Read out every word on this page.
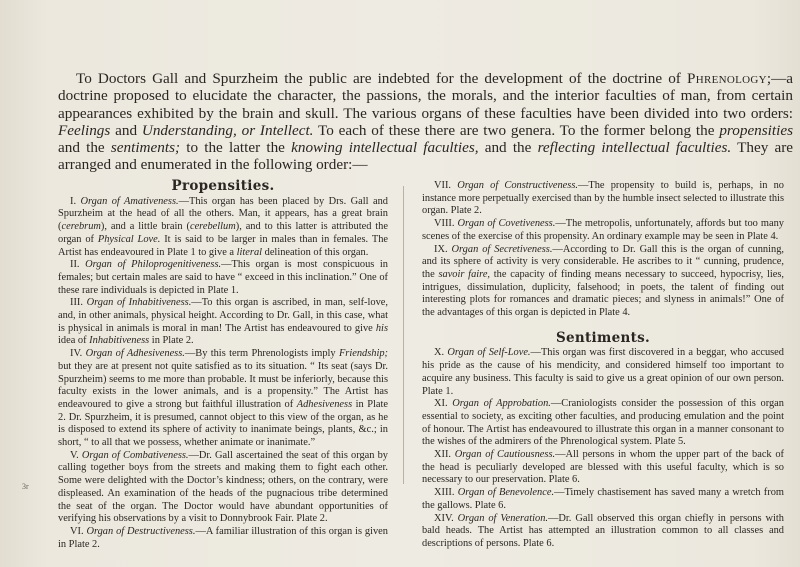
To Doctors Gall and Spurzheim the public are indebted for the development of the doctrine of Phrenology;—a doctrine proposed to elucidate the character, the passions, the morals, and the interior faculties of man, from certain appearances exhibited by the brain and skull. The various organs of these faculties have been divided into two orders: Feelings and Understanding, or Intellect. To each of these there are two genera. To the former belong the propensities and the sentiments; to the latter the knowing intellectual faculties, and the reflecting intellectual faculties. They are arranged and enumerated in the following order:—

Propensities.

I. Organ of Amativeness.—This organ has been placed by Drs. Gall and Spurzheim at the head of all the others. Man, it appears, has a great brain (cerebrum), and a little brain (cerebellum), and to this latter is attributed the organ of Physical Love. It is said to be larger in males than in females. The Artist has endeavoured in Plate 1 to give a literal delineation of this organ.

II. Organ of Philoprogenitiveness.—This organ is most conspicuous in females; but certain males are said to have “ exceed in this inclination.” One of these rare individuals is depicted in Plate 1.

III. Organ of Inhabitiveness.—To this organ is ascribed, in man, self-love, and, in other animals, physical height. According to Dr. Gall, in this case, what is physical in animals is moral in man! The Artist has endeavoured to give his idea of Inhabitiveness in Plate 2.

IV. Organ of Adhesiveness.—By this term Phrenologists imply Friendship; but they are at present not quite satisfied as to its situation. “ Its seat (says Dr. Spurzheim) seems to me more than probable. It must be inferiorly, because this faculty exists in the lower animals, and is a propensity.” The Artist has endeavoured to give a strong but faithful illustration of Adhesiveness in Plate 2. Dr. Spurzheim, it is presumed, cannot object to this view of the organ, as he is disposed to extend its sphere of activity to inanimate beings, plants, &c.; in short, “ to all that we possess, whether animate or inanimate.”

V. Organ of Combativeness.—Dr. Gall ascertained the seat of this organ by calling together boys from the streets and making them to fight each other. Some were delighted with the Doctor’s kindness; others, on the contrary, were displeased. An examination of the heads of the pugnacious tribe determined the seat of the organ. The Doctor would have abundant opportunities of verifying his observations by a visit to Donnybrook Fair. Plate 2.

VI. Organ of Destructiveness.—A familiar illustration of this organ is given in Plate 2.

VII. Organ of Constructiveness.—The propensity to build is, perhaps, in no instance more perpetually exercised than by the humble insect selected to illustrate this organ. Plate 2.

VIII. Organ of Covetiveness.—The metropolis, unfortunately, affords but too many scenes of the exercise of this propensity. An ordinary example may be seen in Plate 4.

IX. Organ of Secretiveness.—According to Dr. Gall this is the organ of cunning, and its sphere of activity is very considerable. He ascribes to it “ cunning, prudence, the savoir faire, the capacity of finding means necessary to succeed, hypocrisy, lies, intrigues, dissimulation, duplicity, falsehood; in poets, the talent of finding out interesting plots for romances and dramatic pieces; and slyness in animals!” One of the advantages of this organ is depicted in Plate 4.

Sentiments.

X. Organ of Self-Love.—This organ was first discovered in a beggar, who accused his pride as the cause of his mendicity, and considered himself too important to acquire any business. This faculty is said to give us a great opinion of our own person. Plate 1.

XI. Organ of Approbation.—Craniologists consider the possession of this organ essential to society, as exciting other faculties, and producing emulation and the point of honour. The Artist has endeavoured to illustrate this organ in a manner consonant to the wishes of the admirers of the Phrenological system. Plate 5.

XII. Organ of Cautiousness.—All persons in whom the upper part of the back of the head is peculiarly developed are blessed with this useful faculty, which is so necessary to our preservation. Plate 6.

XIII. Organ of Benevolence.—Timely chastisement has saved many a wretch from the gallows. Plate 6.

XIV. Organ of Veneration.—Dr. Gall observed this organ chiefly in persons with bald heads. The Artist has attempted an illustration common to all classes and descriptions of persons. Plate 6.

3r
